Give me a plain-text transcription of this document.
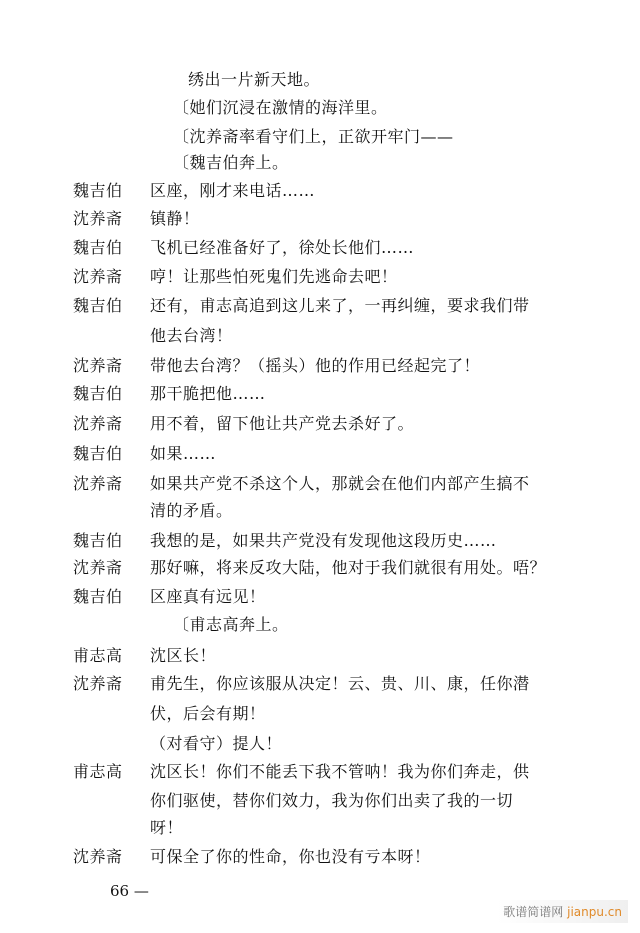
绣出一片新天地。
〔她们沉浸在激情的海洋里。
〔沈养斋率看守们上，正欲开牢门——
〔魏吉伯奔上。
魏吉伯	区座，刚才来电话……
沈养斋	镇静！
魏吉伯	飞机已经准备好了，徐处长他们……
沈养斋	哼！让那些怕死鬼们先逃命去吧！
魏吉伯	还有，甫志高追到这儿来了，一再纠缠，要求我们带
他去台湾！
沈养斋	带他去台湾？（摇头）他的作用已经起完了！
魏吉伯	那干脆把他……
沈养斋	用不着，留下他让共产党去杀好了。
魏吉伯	如果……
沈养斋	如果共产党不杀这个人，那就会在他们内部产生搞不
清的矛盾。
魏吉伯	我想的是，如果共产党没有发现他这段历史……
沈养斋	那好嘛，将来反攻大陆，他对于我们就很有用处。唔？
魏吉伯	区座真有远见！
〔甫志高奔上。
甫志高	沈区长！
沈养斋	甫先生，你应该服从决定！云、贵、川、康，任你潜
伏，后会有期！
（对看守）提人！
甫志高	沈区长！你们不能丢下我不管呐！我为你们奔走，供
你们驱使，替你们效力，我为你们出卖了我的一切
呀！
沈养斋	可保全了你的性命，你也没有亏本呀！
66 —
歌谱简谱网 jianpu.cn
